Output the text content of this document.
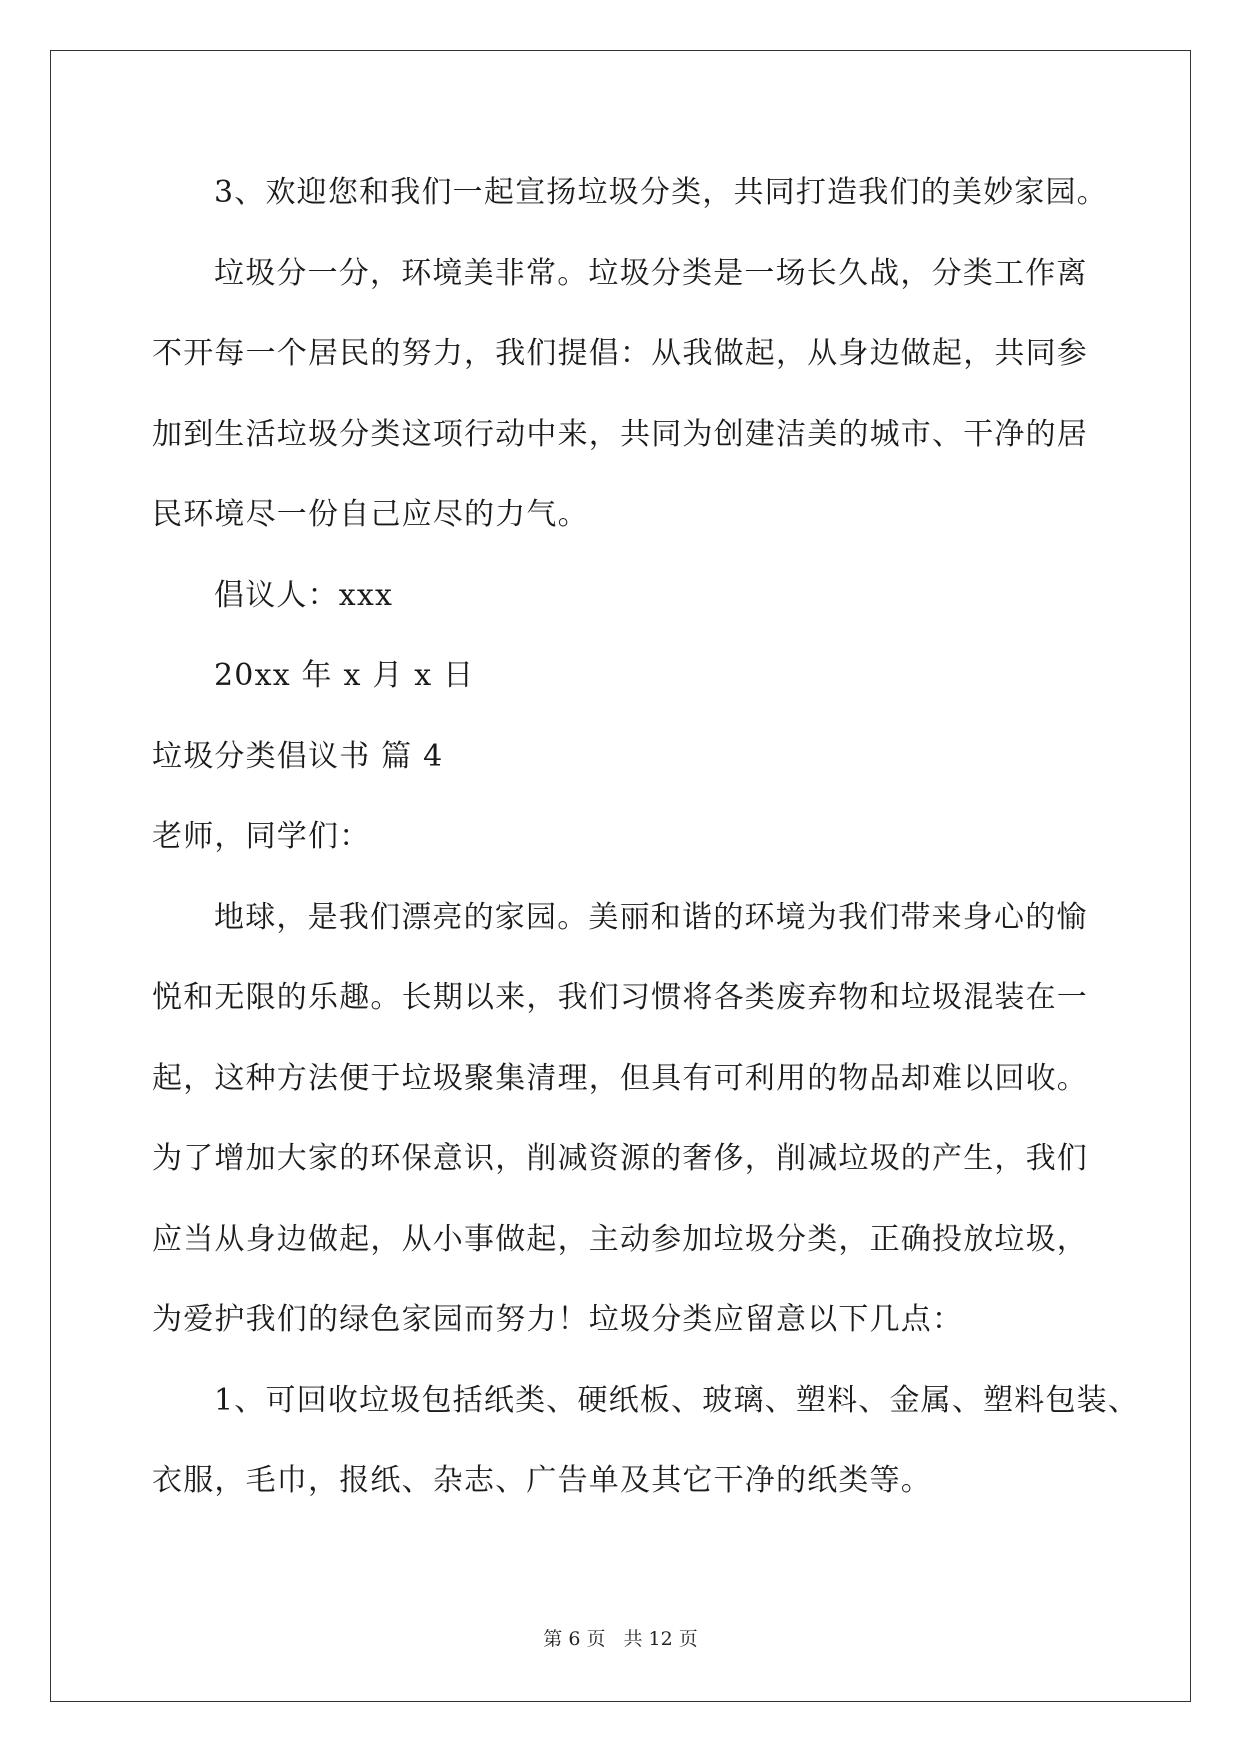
3、欢迎您和我们一起宣扬垃圾分类，共同打造我们的美妙家园。
垃圾分一分，环境美非常。垃圾分类是一场长久战，分类工作离
不开每一个居民的努力，我们提倡：从我做起，从身边做起，共同参
加到生活垃圾分类这项行动中来，共同为创建洁美的城市、干净的居
民环境尽一份自己应尽的力气。
倡议人：xxx
20xx 年 x 月 x 日
垃圾分类倡议书 篇 4
老师，同学们：
地球，是我们漂亮的家园。美丽和谐的环境为我们带来身心的愉
悦和无限的乐趣。长期以来，我们习惯将各类废弃物和垃圾混装在一
起，这种方法便于垃圾聚集清理，但具有可利用的物品却难以回收。
为了增加大家的环保意识，削减资源的奢侈，削减垃圾的产生，我们
应当从身边做起，从小事做起，主动参加垃圾分类，正确投放垃圾，
为爱护我们的绿色家园而努力！垃圾分类应留意以下几点：
1、可回收垃圾包括纸类、硬纸板、玻璃、塑料、金属、塑料包装、
衣服，毛巾，报纸、杂志、广告单及其它干净的纸类等。
第 6 页 共 12 页
